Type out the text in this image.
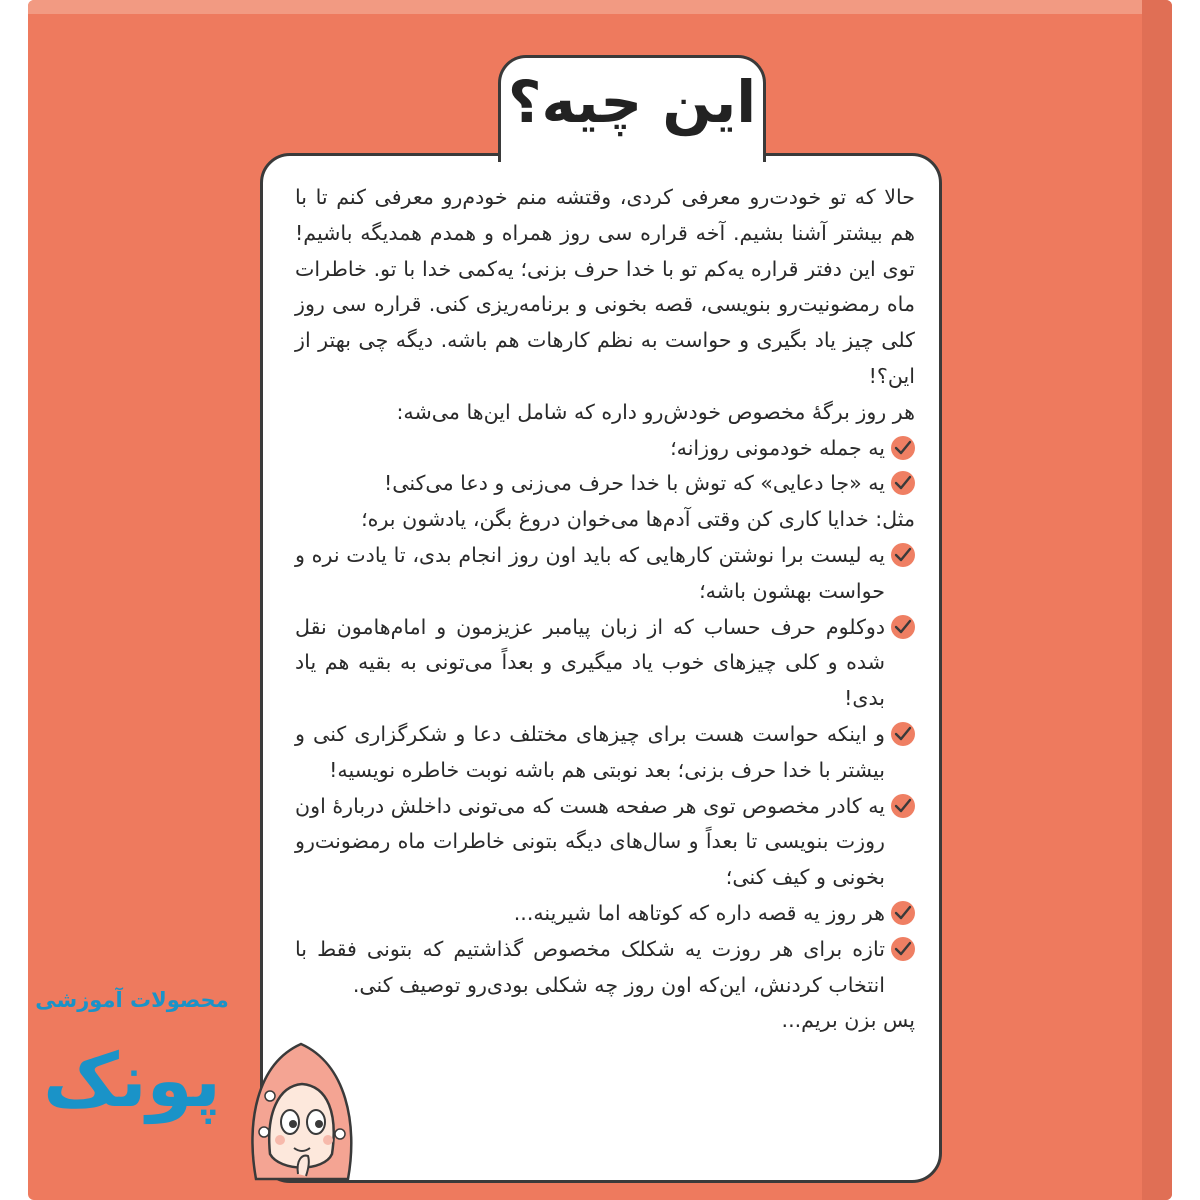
حالا که تو خودت‌رو معرفی کردی، وقتشه منم خودم‌رو معرفی کنم تا با هم بیشتر آشنا بشیم. آخه قراره سی روز همراه و همدم همدیگه باشیم! توی این دفتر قراره یه‌کم تو با خدا حرف بزنی؛ یه‌کمی خدا با تو. خاطرات ماه رمضونیت‌رو بنویسی، قصه بخونی و برنامه‌ریزی کنی. قراره سی روز کلی چیز یاد بگیری و حواست به نظم کارهات هم باشه. دیگه چی بهتر از این؟!

هر روز برگهٔ مخصوص خودش‌رو داره که شامل این‌ها می‌شه:

یه جمله خودمونی روزانه؛

یه «جا دعایی» که توش با خدا حرف می‌زنی و دعا می‌کنی!

مثل: خدایا کاری کن وقتی آدم‌ها می‌خوان دروغ بگن، یادشون بره؛

یه لیست برا نوشتن کارهایی که باید اون روز انجام بدی، تا یادت نره و حواست بهشون باشه؛

دوکلوم حرف حساب که از زبان پیامبر عزیزمون و امام‌هامون نقل شده و کلی چیزهای خوب یاد میگیری و بعداً می‌تونی به بقیه هم یاد بدی!

و اینکه حواست هست برای چیزهای مختلف دعا و شکرگزاری کنی و بیشتر با خدا حرف بزنی؛ بعد نوبتی هم باشه نوبت خاطره نویسیه!

یه کادر مخصوص توی هر صفحه هست که می‌تونی داخلش دربارهٔ اون روزت بنویسی تا بعداً و سال‌های دیگه بتونی خاطرات ماه رمضونت‌رو بخونی و کیف کنی؛

هر روز یه قصه داره که کوتاهه اما شیرینه...

تازه برای هر روزت یه شکلک مخصوص گذاشتیم که بتونی فقط با انتخاب کردنش، این‌که اون روز چه شکلی بودی‌رو توصیف کنی.

پس بزن بریم...

این چیه؟
محصولات آموزشی
پونک
